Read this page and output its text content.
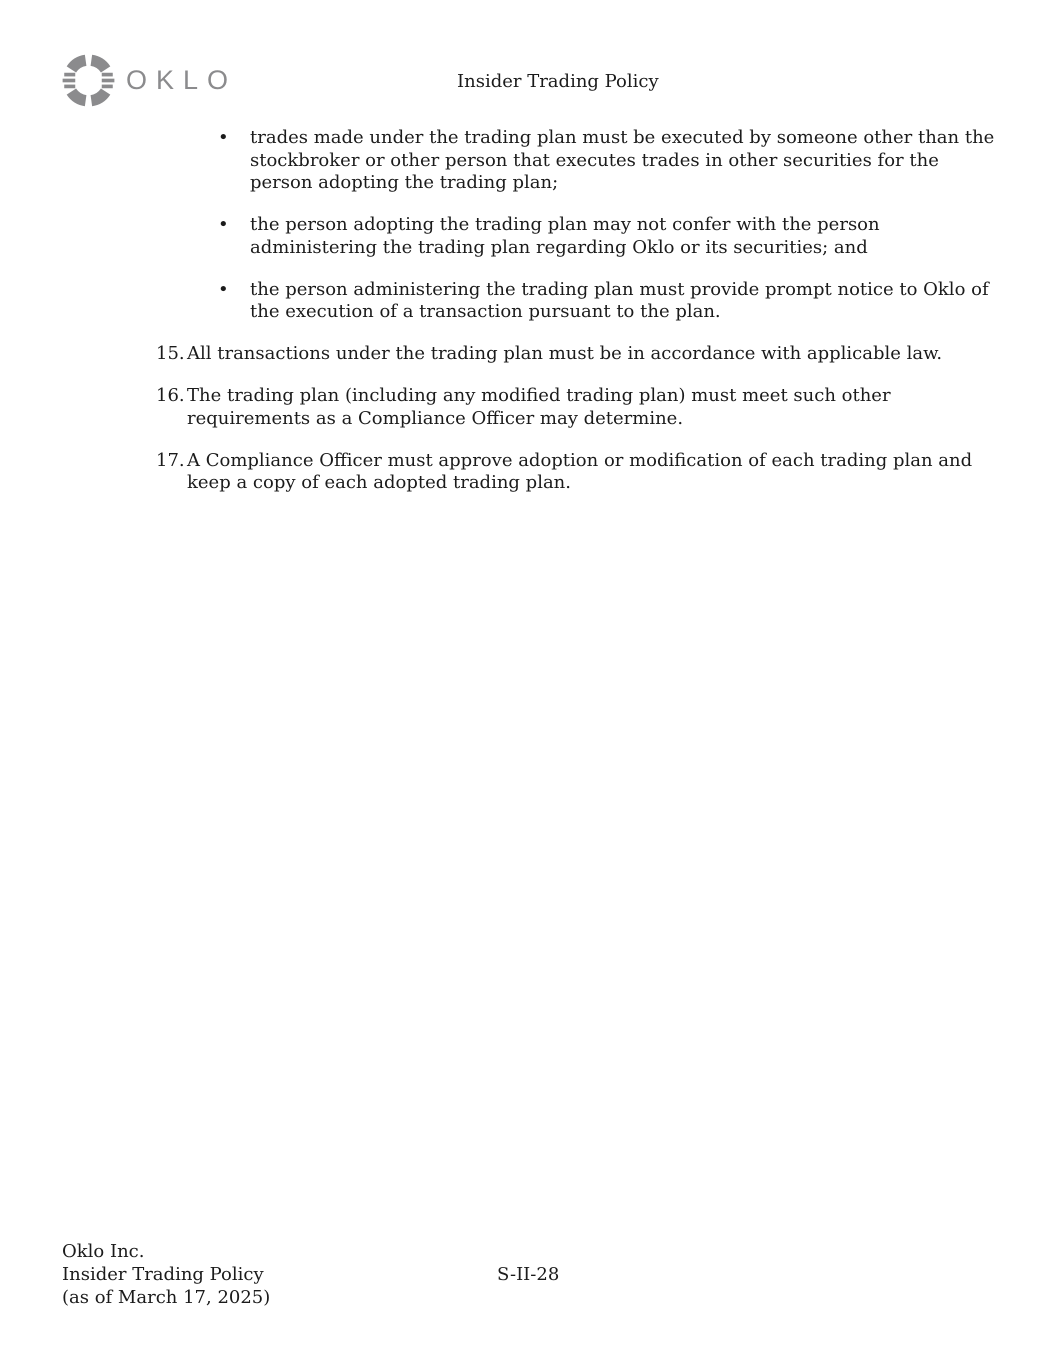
OKLO	Insider Trading Policy
•	trades made under the trading plan must be executed by someone other than the
stockbroker or other person that executes trades in other securities for the
person adopting the trading plan;
•	the person adopting the trading plan may not confer with the person
administering the trading plan regarding Oklo or its securities; and
•	the person administering the trading plan must provide prompt notice to Oklo of
the execution of a transaction pursuant to the plan.
15. All transactions under the trading plan must be in accordance with applicable law.
16. The trading plan (including any modified trading plan) must meet such other
requirements as a Compliance Officer may determine.
17. A Compliance Officer must approve adoption or modification of each trading plan and
keep a copy of each adopted trading plan.
Oklo Inc.
Insider Trading Policy
(as of March 17, 2025)
S-II-28
